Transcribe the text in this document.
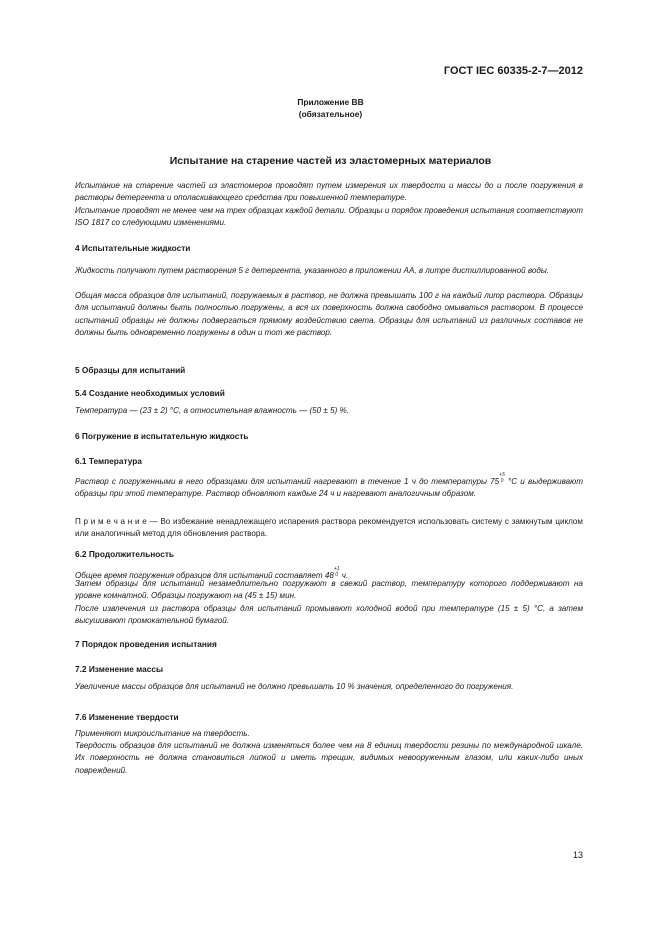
ГОСТ IEC 60335-2-7—2012
Приложение ВВ
(обязательное)
Испытание на старение частей из эластомерных материалов
Испытание на старение частей из эластомеров проводят путем измерения их твердости и массы до и после погружения в растворы детергента и ополаскивающего средства при повышенной температуре.
Испытание проводят не менее чем на трех образцах каждой детали. Образцы и порядок проведения испытания соответствуют ISO 1817 со следующими изменениями.
4 Испытательные жидкости
Жидкость получают путем растворения 5 г детергента, указанного в приложении АА, в литре дистиллированной воды.
Общая масса образцов для испытаний, погружаемых в раствор, не должна превышать 100 г на каждый литр раствора. Образцы для испытаний должны быть полностью погружены, а вся их поверхность должна свободно омываться раствором. В процессе испытаний образцы не должны подвергаться прямому воздействию света. Образцы для испытаний из различных составов не должны быть одновременно погружены в один и тот же раствор.
5 Образцы для испытаний
5.4 Создание необходимых условий
Температура — (23 ± 2) °С, а относительная влажность — (50 ± 5) %.
6 Погружение в испытательную жидкость
6.1 Температура
Раствор с погруженными в него образцами для испытаний нагревают в течение 1 ч до температуры 75
+5
0 °С и выдерживают образцы при этой температуре. Раствор обновляют каждые 24 ч и нагревают аналогичным образом.
П р и м е ч а н и е — Во избежание ненадлежащего испарения раствора рекомендуется использовать систему с замкнутым циклом или аналогичный метод для обновления раствора.
6.2 Продолжительность
Общее время погружения образцов для испытаний составляет 48
+1
0 ч.
Затем образцы для испытаний незамедлительно погружают в свежий раствор, температуру которого поддерживают на уровне комнатной. Образцы погружают на (45 ± 15) мин.
После извлечения из раствора образцы для испытаний промывают холодной водой при температуре (15 ± 5) °С, а затем высушивают промокательной бумагой.
7 Порядок проведения испытания
7.2 Изменение массы
Увеличение массы образцов для испытаний не должно превышать 10 % значения, определенного до погружения.
7.6 Изменение твердости
Применяют микроиспытание на твердость.
Твердость образцов для испытаний не должна изменяться более чем на 8 единиц твердости резины по международной шкале. Их поверхность не должна становиться липкой и иметь трещин, видимых невооруженным глазом, или каких-либо иных повреждений.
13
